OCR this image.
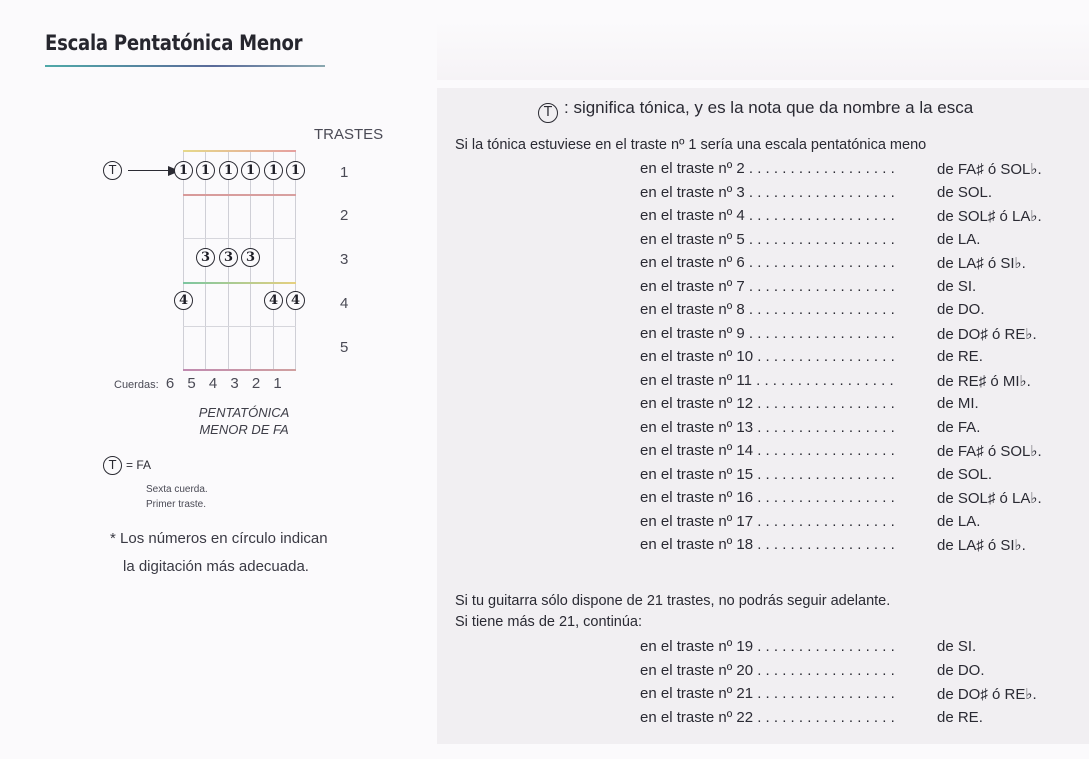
Escala Pentatónica Menor
TRASTES
1
2
3
4
5
T	1 1	1 1	1 1
3	3 3
4	4 4
Cuerdas: 6 5 4 3 2 1
PENTATÓNICA
MENOR DE FA
T = FA
Sexta cuerda.
Primer traste.
* Los números en círculo indican
la digitación más adecuada.
T : significa tónica, y es la nota que da nombre a la esca
Si la tónica estuviese en el traste nº 1 sería una escala pentatónica meno
en el traste nº 2 . . . . . . . . . . . . . . . . . .	de FA♯ ó SOL♭.
en el traste nº 3 . . . . . . . . . . . . . . . . . .	de SOL.
en el traste nº 4 . . . . . . . . . . . . . . . . . .	de SOL♯ ó LA♭.
en el traste nº 5 . . . . . . . . . . . . . . . . . .	de LA.
en el traste nº 6 . . . . . . . . . . . . . . . . . .	de LA♯ ó SI♭.
en el traste nº 7 . . . . . . . . . . . . . . . . . .	de SI.
en el traste nº 8 . . . . . . . . . . . . . . . . . .	de DO.
en el traste nº 9 . . . . . . . . . . . . . . . . . .	de DO♯ ó RE♭.
en el traste nº 10 . . . . . . . . . . . . . . . . .	de RE.
en el traste nº 11 . . . . . . . . . . . . . . . . .	de RE♯ ó MI♭.
en el traste nº 12 . . . . . . . . . . . . . . . . .	de MI.
en el traste nº 13 . . . . . . . . . . . . . . . . .	de FA.
en el traste nº 14 . . . . . . . . . . . . . . . . .	de FA♯ ó SOL♭.
en el traste nº 15 . . . . . . . . . . . . . . . . .	de SOL.
en el traste nº 16 . . . . . . . . . . . . . . . . .	de SOL♯ ó LA♭.
en el traste nº 17 . . . . . . . . . . . . . . . . .	de LA.
en el traste nº 18 . . . . . . . . . . . . . . . . .	de LA♯ ó SI♭.
Si tu guitarra sólo dispone de 21 trastes, no podrás seguir adelante.
Si tiene más de 21, continúa:
en el traste nº 19 . . . . . . . . . . . . . . . . .	de SI.
en el traste nº 20 . . . . . . . . . . . . . . . . .	de DO.
en el traste nº 21 . . . . . . . . . . . . . . . . .	de DO♯ ó RE♭.
en el traste nº 22 . . . . . . . . . . . . . . . . .	de RE.
